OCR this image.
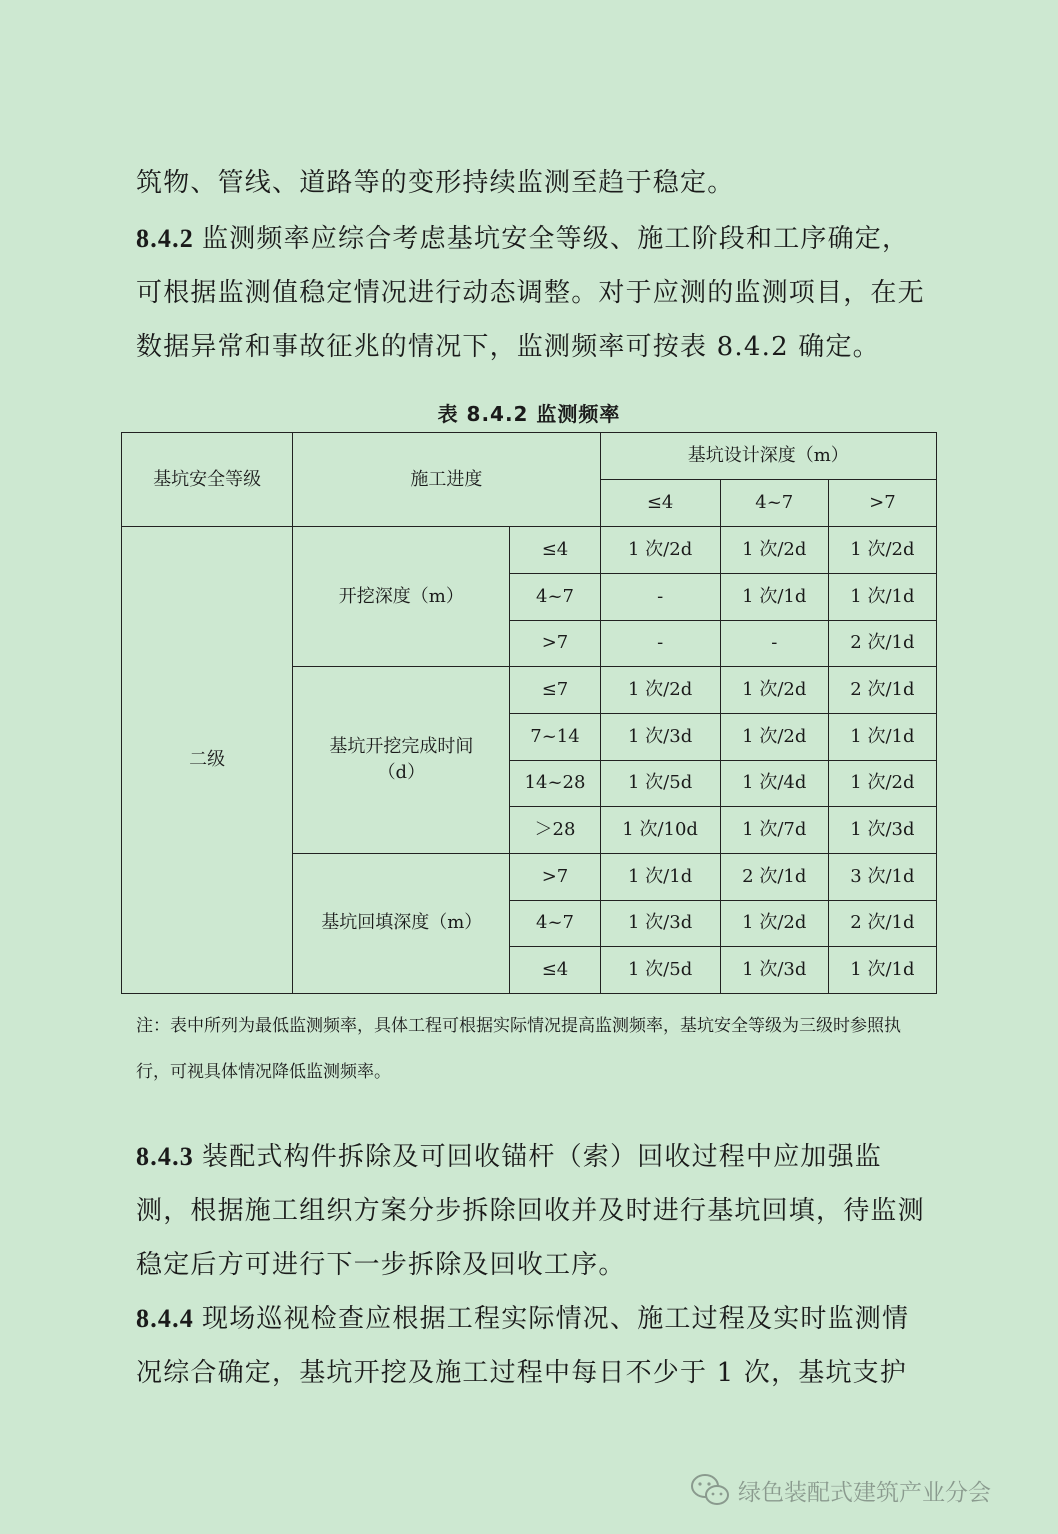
筑物、管线、道路等的变形持续监测至趋于稳定。

8.4.2 监测频率应综合考虑基坑安全等级、施工阶段和工序确定，可根据监测值稳定情况进行动态调整。对于应测的监测项目，在无数据异常和事故征兆的情况下，监测频率可按表 8.4.2 确定。

表 8.4.2 监测频率
基坑安全等级	施工进度		基坑设计深度（m）		
			≤4	4~7	>7
二级	开挖深度（m）	≤4	1 次/2d	1 次/2d	1 次/2d
		4~7	-	1 次/1d	1 次/1d
		>7	-	-	2 次/1d
	基坑开挖完成时间（d）	≤7	1 次/2d	1 次/2d	2 次/1d
		7~14	1 次/3d	1 次/2d	1 次/1d
		14~28	1 次/5d	1 次/4d	1 次/2d
		＞28	1 次/10d	1 次/7d	1 次/3d
	基坑回填深度（m）	>7	1 次/1d	2 次/1d	3 次/1d
		4~7	1 次/3d	1 次/2d	2 次/1d
		≤4	1 次/5d	1 次/3d	1 次/1d

注：表中所列为最低监测频率，具体工程可根据实际情况提高监测频率，基坑安全等级为三级时参照执行，可视具体情况降低监测频率。

8.4.3 装配式构件拆除及可回收锚杆（索）回收过程中应加强监测，根据施工组织方案分步拆除回收并及时进行基坑回填，待监测稳定后方可进行下一步拆除及回收工序。

8.4.4 现场巡视检查应根据工程实际情况、施工过程及实时监测情况综合确定，基坑开挖及施工过程中每日不少于 1 次，基坑支护

绿色装配式建筑产业分会
